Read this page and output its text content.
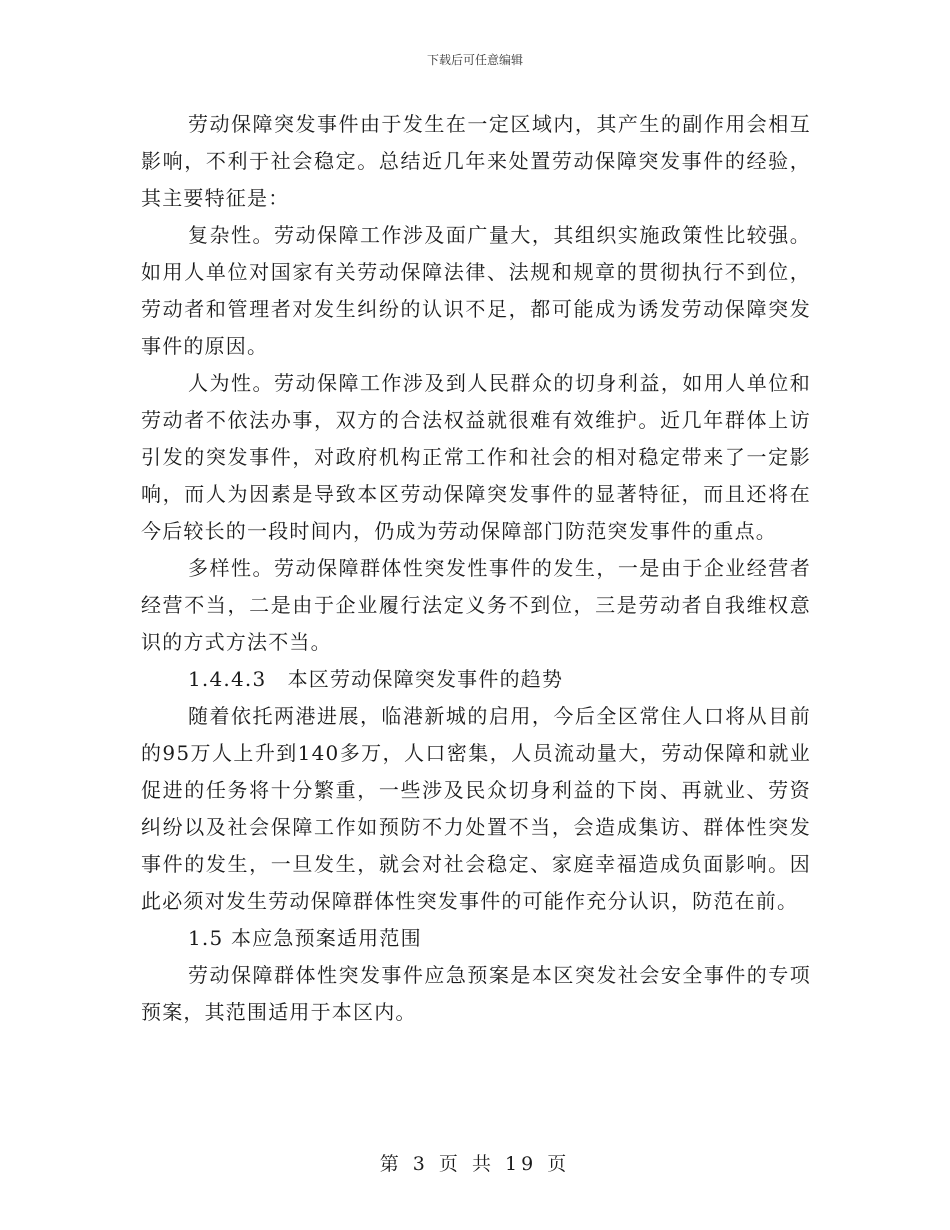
下载后可任意编辑

劳动保障突发事件由于发生在一定区域内，其产生的副作用会相互影响，不利于社会稳定。总结近几年来处置劳动保障突发事件的经验，其主要特征是：

复杂性。劳动保障工作涉及面广量大，其组织实施政策性比较强。如用人单位对国家有关劳动保障法律、法规和规章的贯彻执行不到位，劳动者和管理者对发生纠纷的认识不足，都可能成为诱发劳动保障突发事件的原因。

人为性。劳动保障工作涉及到人民群众的切身利益，如用人单位和劳动者不依法办事，双方的合法权益就很难有效维护。近几年群体上访引发的突发事件，对政府机构正常工作和社会的相对稳定带来了一定影响，而人为因素是导致本区劳动保障突发事件的显著特征，而且还将在今后较长的一段时间内，仍成为劳动保障部门防范突发事件的重点。

多样性。劳动保障群体性突发性事件的发生，一是由于企业经营者经营不当，二是由于企业履行法定义务不到位，三是劳动者自我维权意识的方式方法不当。

1.4.4.3　本区劳动保障突发事件的趋势

随着依托两港进展，临港新城的启用，今后全区常住人口将从目前的95万人上升到140多万，人口密集，人员流动量大，劳动保障和就业促进的任务将十分繁重，一些涉及民众切身利益的下岗、再就业、劳资纠纷以及社会保障工作如预防不力处置不当，会造成集访、群体性突发事件的发生，一旦发生，就会对社会稳定、家庭幸福造成负面影响。因此必须对发生劳动保障群体性突发事件的可能作充分认识，防范在前。

1.5 本应急预案适用范围

劳动保障群体性突发事件应急预案是本区突发社会安全事件的专项预案，其范围适用于本区内。

第 3 页 共 19 页
